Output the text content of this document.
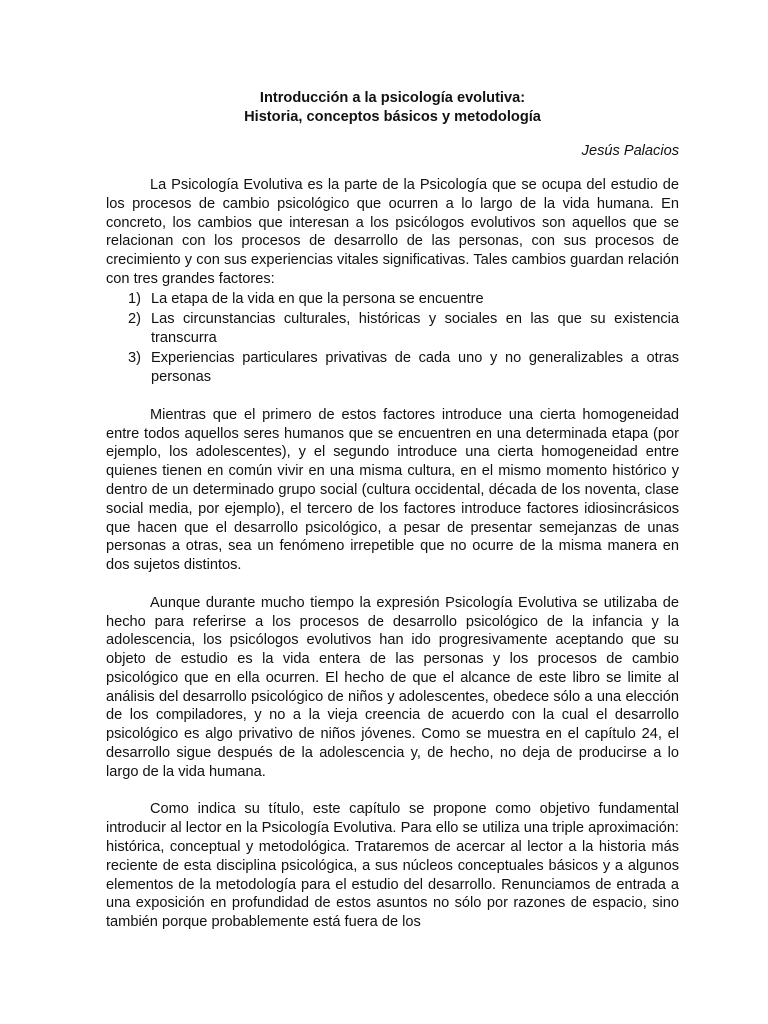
Introducción a la psicología evolutiva:
Historia, conceptos básicos y metodología
Jesús Palacios

La Psicología Evolutiva es la parte de la Psicología que se ocupa del estudio de los procesos de cambio psicológico que ocurren a lo largo de la vida humana. En concreto, los cambios que interesan a los psicólogos evolutivos son aquellos que se relacionan con los procesos de desarrollo de las personas, con sus procesos de crecimiento y con sus experiencias vitales significativas. Tales cambios guardan relación con tres grandes factores:

1) La etapa de la vida en que la persona se encuentre
2) Las circunstancias culturales, históricas y sociales en las que su existencia transcurra
3) Experiencias particulares privativas de cada uno y no generalizables a otras personas

Mientras que el primero de estos factores introduce una cierta homogeneidad entre todos aquellos seres humanos que se encuentren en una determinada etapa (por ejemplo, los adolescentes), y el segundo introduce una cierta homogeneidad entre quienes tienen en común vivir en una misma cultura, en el mismo momento histórico y dentro de un determinado grupo social (cultura occidental, década de los noventa, clase social media, por ejemplo), el tercero de los factores introduce factores idiosincrásicos que hacen que el desarrollo psicológico, a pesar de presentar semejanzas de unas personas a otras, sea un fenómeno irrepetible que no ocurre de la misma manera en dos sujetos distintos.

Aunque durante mucho tiempo la expresión Psicología Evolutiva se utilizaba de hecho para referirse a los procesos de desarrollo psicológico de la infancia y la adolescencia, los psicólogos evolutivos han ido progresivamente aceptando que su objeto de estudio es la vida entera de las personas y los procesos de cambio psicológico que en ella ocurren. El hecho de que el alcance de este libro se limite al análisis del desarrollo psicológico de niños y adolescentes, obedece sólo a una elección de los compiladores, y no a la vieja creencia de acuerdo con la cual el desarrollo psicológico es algo privativo de niños jóvenes. Como se muestra en el capítulo 24, el desarrollo sigue después de la adolescencia y, de hecho, no deja de producirse a lo largo de la vida humana.

Como indica su título, este capítulo se propone como objetivo fundamental introducir al lector en la Psicología Evolutiva. Para ello se utiliza una triple aproximación: histórica, conceptual y metodológica. Trataremos de acercar al lector a la historia más reciente de esta disciplina psicológica, a sus núcleos conceptuales básicos y a algunos elementos de la metodología para el estudio del desarrollo. Renunciamos de entrada a una exposición en profundidad de estos asuntos no sólo por razones de espacio, sino también porque probablemente está fuera de los
